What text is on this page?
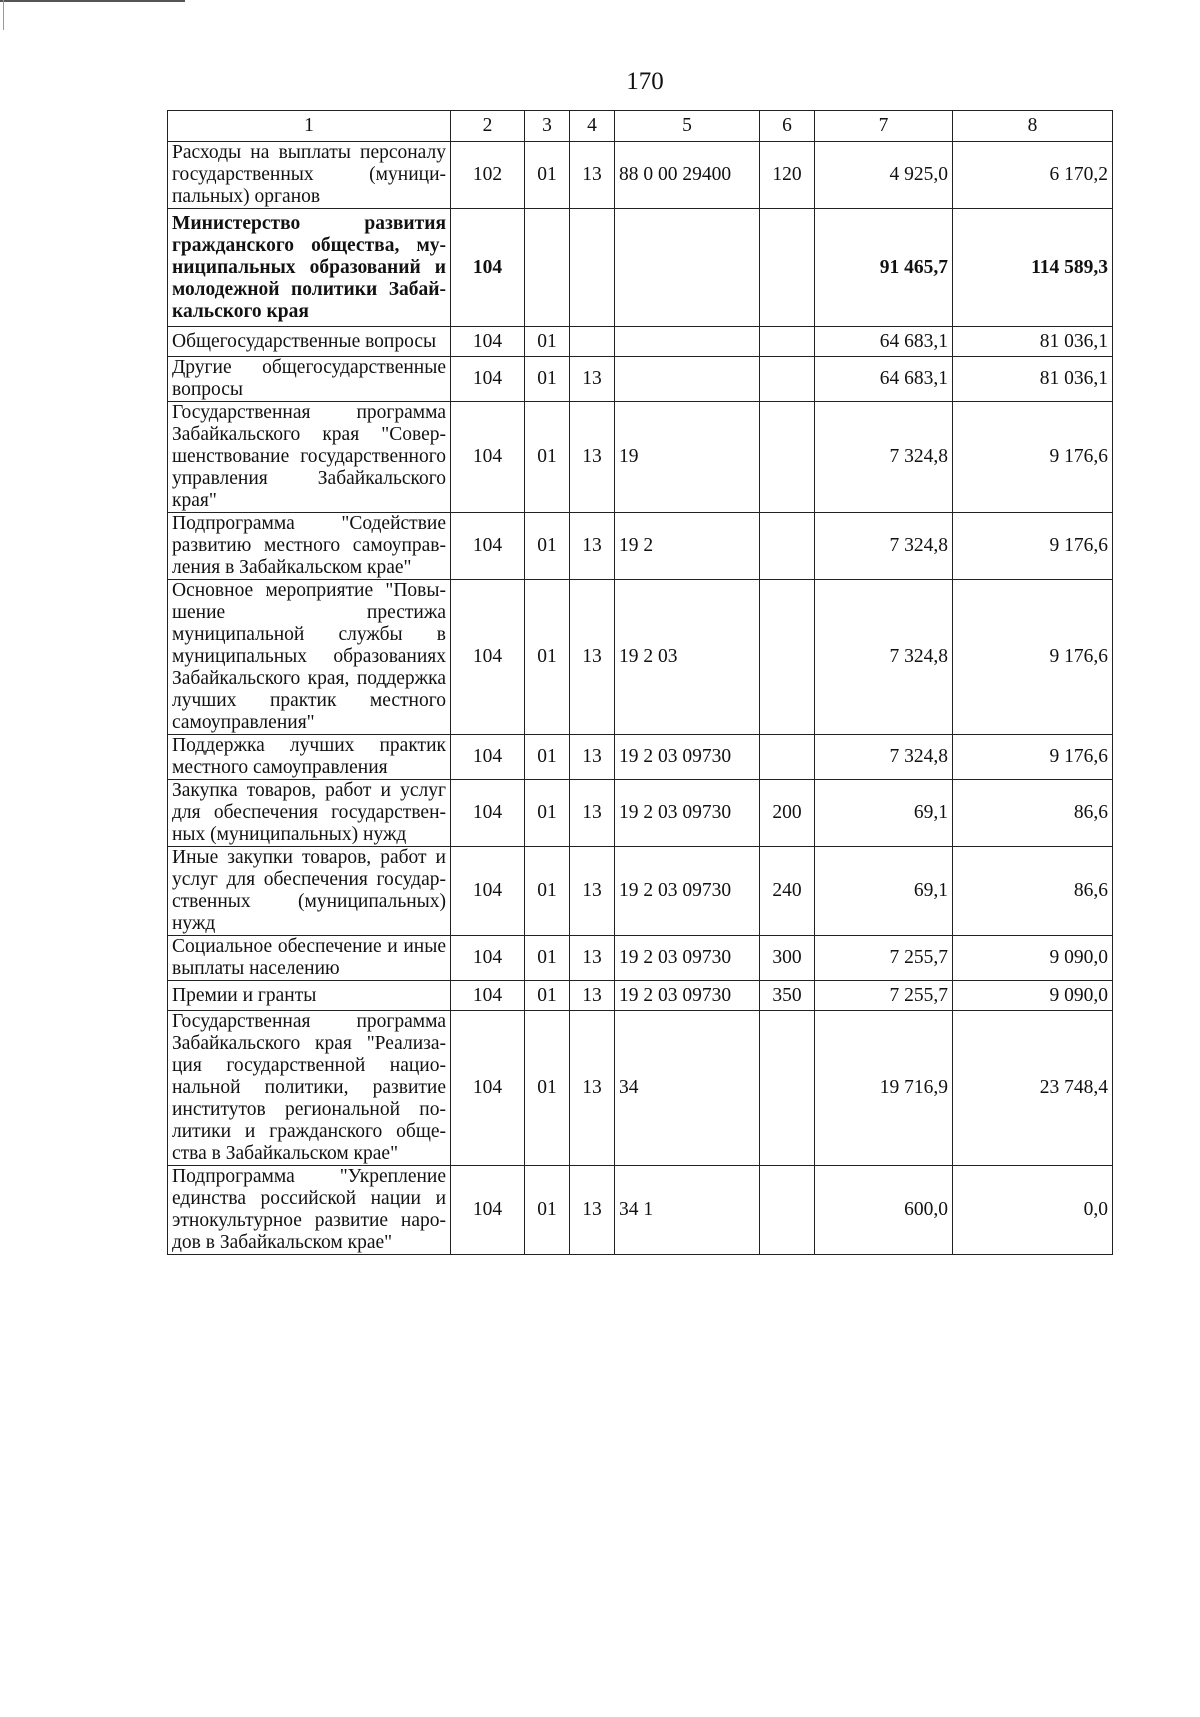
170
1	2	3	4	5	6	7	8
Расходы на выплаты персоналу государственных (муниципальных) органов	102	01	13	88 0 00 29400	120	4 925,0	6 170,2
Министерство развития гражданского общества, муниципальных образований и молодежной политики Забайкальского края	104					91 465,7	114 589,3
Общегосударственные вопросы	104	01				64 683,1	81 036,1
Другие общегосударственные вопросы	104	01	13			64 683,1	81 036,1
Государственная программа Забайкальского края "Совершенствование государственного управления Забайкальского края"	104	01	13	19		7 324,8	9 176,6
Подпрограмма "Содействие развитию местного самоуправления в Забайкальском крае"	104	01	13	19 2		7 324,8	9 176,6
Основное мероприятие "Повышение престижа муниципальной службы в муниципальных образованиях Забайкальского края, поддержка лучших практик местного самоуправления"	104	01	13	19 2 03		7 324,8	9 176,6
Поддержка лучших практик местного самоуправления	104	01	13	19 2 03 09730		7 324,8	9 176,6
Закупка товаров, работ и услуг для обеспечения государственных (муниципальных) нужд	104	01	13	19 2 03 09730	200	69,1	86,6
Иные закупки товаров, работ и услуг для обеспечения государственных (муниципальных) нужд	104	01	13	19 2 03 09730	240	69,1	86,6
Социальное обеспечение и иные выплаты населению	104	01	13	19 2 03 09730	300	7 255,7	9 090,0
Премии и гранты	104	01	13	19 2 03 09730	350	7 255,7	9 090,0
Государственная программа Забайкальского края "Реализация государственной национальной политики, развитие институтов региональной политики и гражданского общества в Забайкальском крае"	104	01	13	34		19 716,9	23 748,4
Подпрограмма "Укрепление единства российской нации и этнокультурное развитие народов в Забайкальском крае"	104	01	13	34 1		600,0	0,0
